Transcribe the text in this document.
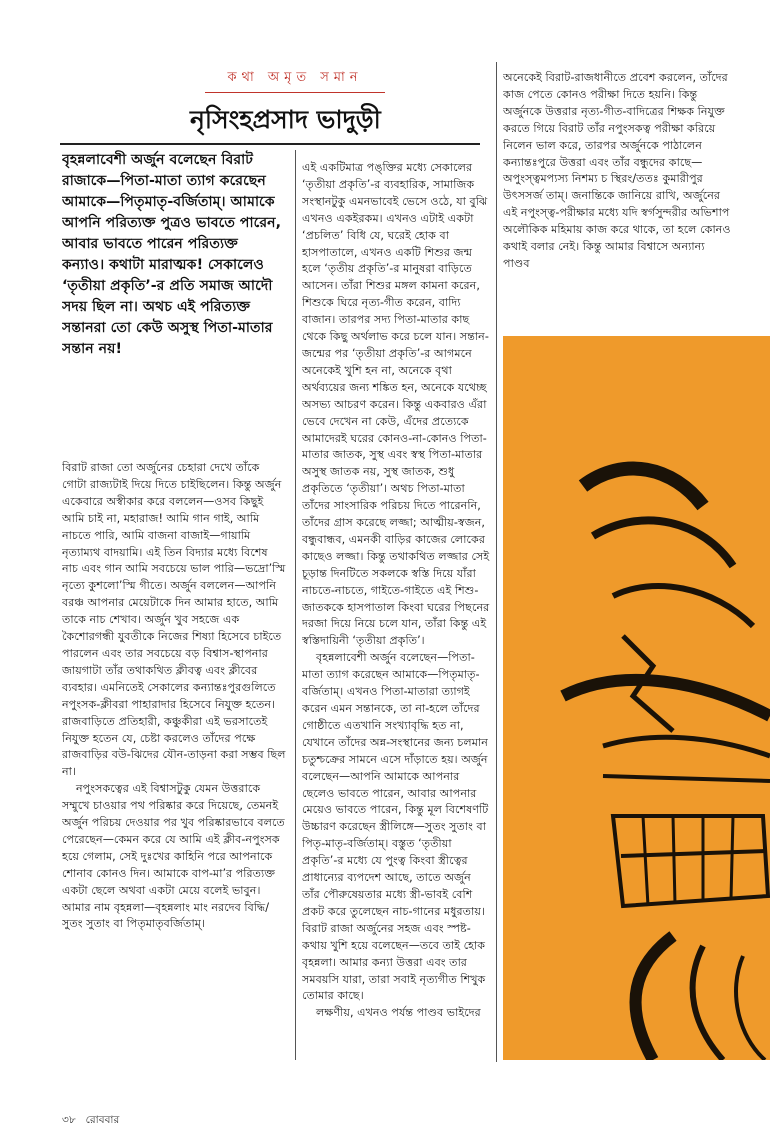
কথা অমৃত সমান
নৃসিংহপ্রসাদ ভাদুড়ী
বৃহন্নলাবেশী অর্জুন বলেছেন বিরাট রাজাকে—পিতা-মাতা ত্যাগ করেছেন আমাকে—পিতৃমাতৃ-বর্জিতাম্। আমাকে আপনি পরিত্যক্ত পুত্রও ভাবতে পারেন, আবার ভাবতে পারেন পরিত্যক্ত কন্যাও। কথাটা মারাত্মক! সেকালেও ‘তৃতীয়া প্রকৃতি’-র প্রতি সমাজ আদৌ সদয় ছিল না। অথচ এই পরিত্যক্ত সন্তানরা তো কেউ অসুস্থ পিতা-মাতার সন্তান নয়!

বিরাট রাজা তো অর্জুনের চেহারা দেখে তাঁকে গোটা রাজ্যটাই দিয়ে দিতে চাইছিলেন। কিন্তু অর্জুন একেবারে অস্বীকার করে বললেন—ওসব কিছুই আমি চাই না, মহারাজ! আমি গান গাই, আমি নাচতে পারি, আমি বাজনা বাজাই—গায়ামি নৃত্যাম্যথ বাদয়ামি। এই তিন বিদ্যার মধ্যে বিশেষ নাচ এবং গান আমি সবচেয়ে ভাল পারি—ভদ্রো’স্মি নৃত্যে কুশলো’স্মি গীতে। অর্জুন বললেন—আপনি বরঞ্চ আপনার মেয়েটাকে দিন আমার হাতে, আমি তাকে নাচ শেখাব। অর্জুন খুব সহজে এক কৈশোরগন্ধী যুবতীকে নিজের শিষ্যা হিসেবে চাইতে পারলেন এবং তার সবচেয়ে বড় বিশ্বাস-স্থাপনার জায়গাটা তাঁর তথাকথিত ক্লীবত্ব এবং ক্লীবের ব্যবহার। এমনিতেই সেকালের কন্যান্তঃপুরগুলিতে নপুংসক-ক্লীবরা পাহারাদার হিসেবে নিযুক্ত হতেন। রাজবাড়িতে প্রতিহারী, কঞ্চুকীরা এই ভরসাতেই নিযুক্ত হতেন যে, চেষ্টা করলেও তাঁদের পক্ষে রাজবাড়ির বউ-ঝিদের যৌন-তাড়না করা সম্ভব ছিল না।

নপুংসকত্বের এই বিশ্বাসটুকু যেমন উত্তরাকে সম্মুখে চাওয়ার পথ পরিষ্কার করে দিয়েছে, তেমনই অর্জুন পরিচয় দেওয়ার পর খুব পরিষ্কারভাবে বলতে পেরেছেন—কেমন করে যে আমি এই ক্লীব-নপুংসক হয়ে গেলাম, সেই দুঃখের কাহিনি পরে আপনাকে শোনাব কোনও দিন। আমাকে বাপ-মা’র পরিত্যক্ত একটা ছেলে অথবা একটা মেয়ে বলেই ভাবুন। আমার নাম বৃহন্নলা—বৃহন্নলাং মাং নরদেব বিদ্ধি/সুতং সুতাং বা পিতৃমাতৃবর্জিতাম্।

এই একটিমাত্র পঙ্‌ক্তির মধ্যে সেকালের ‘তৃতীয়া প্রকৃতি’-র ব্যবহারিক, সামাজিক সংস্থানটুকু এমনভাবেই ভেসে ওঠে, যা বুঝি এখনও একইরকম। এখনও এটাই একটা ‘প্রচলিত’ বিধি যে, ঘরেই হোক বা হাসপাতালে, এখনও একটি শিশুর জন্ম হলে ‘তৃতীয় প্রকৃতি’-র মানুষরা বাড়িতে আসেন। তাঁরা শিশুর মঙ্গল কামনা করেন, শিশুকে ঘিরে নৃত্য-গীত করেন, বাদ্যি বাজান। তারপর সদ্য পিতা-মাতার কাছ থেকে কিছু অর্থলাভ করে চলে যান। সন্তান-জন্মের পর ‘তৃতীয়া প্রকৃতি’-র আগমনে অনেকেই খুশি হন না, অনেকে বৃথা অর্থব্যয়ের জন্য শঙ্কিত হন, অনেকে যথেচ্ছ অসভ্য আচরণ করেন। কিন্তু একবারও এঁরা ভেবে দেখেন না কেউ, এঁদের প্রত্যেকে আমাদেরই ঘরের কোনও-না-কোনও পিতা-মাতার জাতক, সুস্থ এবং স্বস্থ পিতা-মাতার অসুস্থ জাতক নয়, সুস্থ জাতক, শুধু প্রকৃতিতে ‘তৃতীয়া’। অথচ পিতা-মাতা তাঁদের সাংসারিক পরিচয় দিতে পারেননি, তাঁদের গ্রাস করেছে লজ্জা; আত্মীয়-স্বজন, বন্ধুবান্ধব, এমনকী বাড়ির কাজের লোকের কাছেও লজ্জা। কিন্তু তথাকথিত লজ্জার সেই চূড়ান্ত দিনটিতে সকলকে স্বস্তি দিয়ে যাঁরা নাচতে-নাচতে, গাইতে-গাইতে এই শিশু-জাতককে হাসপাতাল কিংবা ঘরের পিছনের দরজা দিয়ে নিয়ে চলে যান, তাঁরা কিন্তু এই স্বস্তিদায়িনী ‘তৃতীয়া প্রকৃতি’।

বৃহন্নলাবেশী অর্জুন বলেছেন—পিতা-মাতা ত্যাগ করেছেন আমাকে—পিতৃমাতৃ-বর্জিতাম্। এখনও পিতা-মাতারা ত্যাগই করেন এমন সন্তানকে, তা না-হলে তাঁদের গোষ্ঠীতে এতখানি সংখ্যাবৃদ্ধি হত না, যেখানে তাঁদের অন্ন-সংস্থানের জন্য চলমান চতুশ্চক্রের সামনে এসে দাঁড়াতে হয়। অর্জুন বলেছেন—আপনি আমাকে আপনার ছেলেও ভাবতে পারেন, আবার আপনার মেয়েও ভাবতে পারেন, কিন্তু মূল বিশেষণটি উচ্চারণ করেছেন স্ত্রীলিঙ্গে—সুতং সুতাং বা পিতৃ-মাতৃ-বর্জিতাম্। বস্তুত ‘তৃতীয়া প্রকৃতি’-র মধ্যে যে পুংত্ব কিংবা স্ত্রীত্বের প্রাধান্যের ব্যপদেশ আছে, তাতে অর্জুন তাঁর পৌরুষেয়তার মধ্যে স্ত্রী-ভাবই বেশি প্রকট করে তুলেছেন নাচ-গানের মধুরতায়। বিরাট রাজা অর্জুনের সহজ এবং স্পষ্ট-কথায় খুশি হয়ে বলেছেন—তবে তাই হোক বৃহন্নলা। আমার কন্যা উত্তরা এবং তার সমবয়সি যারা, তারা সবাই নৃত্যগীত শিখুক তোমার কাছে।

লক্ষণীয়, এখনও পর্যন্ত পাণ্ডব ভাইদের

অনেকেই বিরাট-রাজধানীতে প্রবেশ করলেন, তাঁদের কাজ পেতে কোনও পরীক্ষা দিতে হয়নি। কিন্তু অর্জুনকে উত্তরার নৃত্য-গীত-বাদিত্রের শিক্ষক নিযুক্ত করতে গিয়ে বিরাট তাঁর নপুংসকত্ব পরীক্ষা করিয়ে নিলেন ভাল করে, তারপর অর্জুনকে পাঠালেন কন্যান্তঃপুরে উত্তরা এবং তাঁর বন্ধুদের কাছে—অপুংস্ত্বমপ্যস্য নিশম্য চ স্থিরং/ততঃ কুমারীপুর উৎসসর্জ তাম্। জনান্তিকে জানিয়ে রাখি, অর্জুনের এই নপুংস্ত্ব-পরীক্ষার মধ্যে যদি স্বর্গসুন্দরীর অভিশাপ অলৌকিক মহিমায় কাজ করে থাকে, তা হলে কোনও কথাই বলার নেই। কিন্তু আমার বিশ্বাসে অন্যান্য পাণ্ডব

৩৮ রোববার
